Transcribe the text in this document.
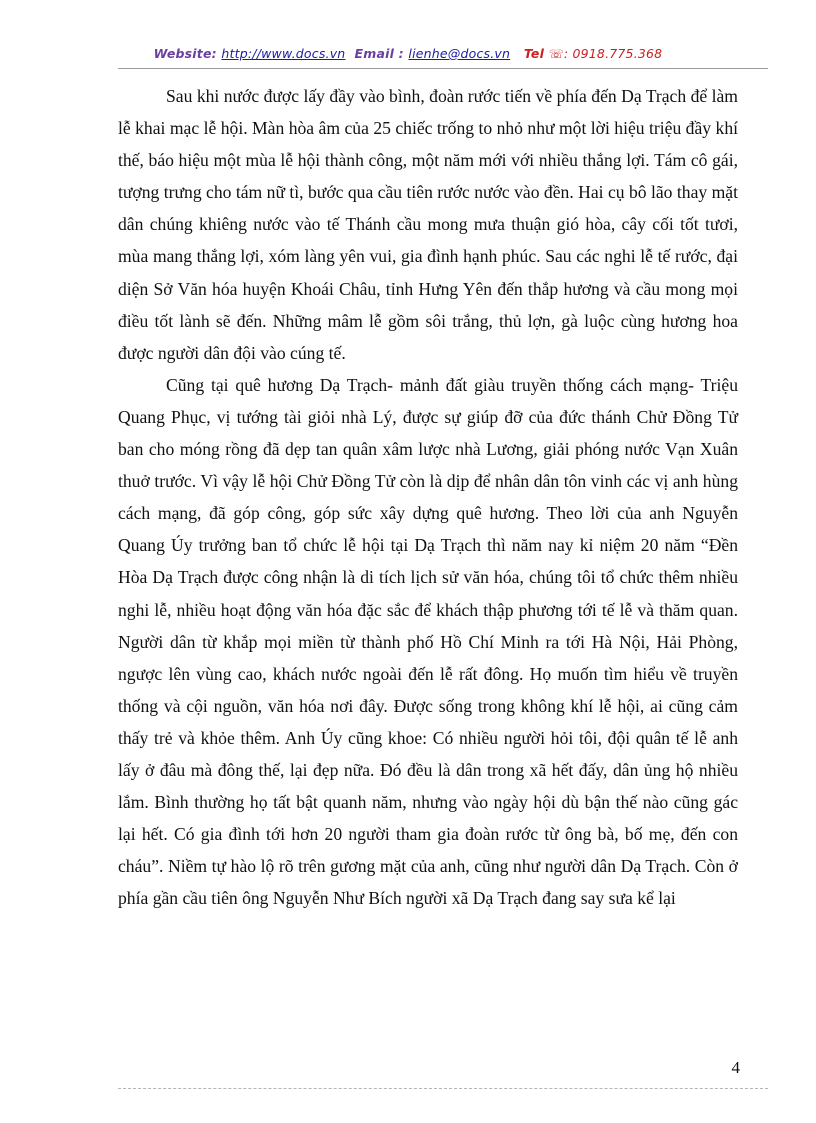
Website: http://www.docs.vn Email : lienhe@docs.vn Tel ☏: 0918.775.368

Sau khi nước được lấy đầy vào bình, đoàn rước tiến về phía đến Dạ Trạch để làm lễ khai mạc lễ hội. Màn hòa âm của 25 chiếc trống to nhỏ như một lời hiệu triệu đầy khí thế, báo hiệu một mùa lễ hội thành công, một năm mới với nhiều thắng lợi. Tám cô gái, tượng trưng cho tám nữ tì, bước qua cầu tiên rước nước vào đền. Hai cụ bô lão thay mặt dân chúng khiêng nước vào tế Thánh cầu mong mưa thuận gió hòa, cây cối tốt tươi, mùa mang thắng lợi, xóm làng yên vui, gia đình hạnh phúc. Sau các nghi lễ tế rước, đại diện Sở Văn hóa huyện Khoái Châu, tỉnh Hưng Yên đến thắp hương và cầu mong mọi điều tốt lành sẽ đến. Những mâm lễ gồm sôi trắng, thủ lợn, gà luộc cùng hương hoa được người dân đội vào cúng tế.

Cũng tại quê hương Dạ Trạch- mảnh đất giàu truyền thống cách mạng- Triệu Quang Phục, vị tướng tài giỏi nhà Lý, được sự giúp đỡ của đức thánh Chử Đồng Tử ban cho móng rồng đã dẹp tan quân xâm lược nhà Lương, giải phóng nước Vạn Xuân thuở trước. Vì vậy lễ hội Chử Đồng Tử còn là dịp để nhân dân tôn vinh các vị anh hùng cách mạng, đã góp công, góp sức xây dựng quê hương. Theo lời của anh Nguyễn Quang Úy trưởng ban tổ chức lễ hội tại Dạ Trạch thì năm nay kỉ niệm 20 năm “Đền Hòa Dạ Trạch được công nhận là di tích lịch sử văn hóa, chúng tôi tổ chức thêm nhiều nghi lễ, nhiều hoạt động văn hóa đặc sắc để khách thập phương tới tế lễ và thăm quan. Người dân từ khắp mọi miền từ thành phố Hồ Chí Minh ra tới Hà Nội, Hải Phòng, ngược lên vùng cao, khách nước ngoài đến lễ rất đông. Họ muốn tìm hiểu về truyền thống và cội nguồn, văn hóa nơi đây. Được sống trong không khí lễ hội, ai cũng cảm thấy trẻ và khỏe thêm. Anh Úy cũng khoe: Có nhiều người hỏi tôi, đội quân tế lễ anh lấy ở đâu mà đông thế, lại đẹp nữa. Đó đều là dân trong xã hết đấy, dân ủng hộ nhiều lắm. Bình thường họ tất bật quanh năm, nhưng vào ngày hội dù bận thế nào cũng gác lại hết. Có gia đình tới hơn 20 người tham gia đoàn rước từ ông bà, bố mẹ, đến con cháu”. Niềm tự hào lộ rõ trên gương mặt của anh, cũng như người dân Dạ Trạch. Còn ở phía gần cầu tiên ông Nguyễn Như Bích người xã Dạ Trạch đang say sưa kể lại

4
